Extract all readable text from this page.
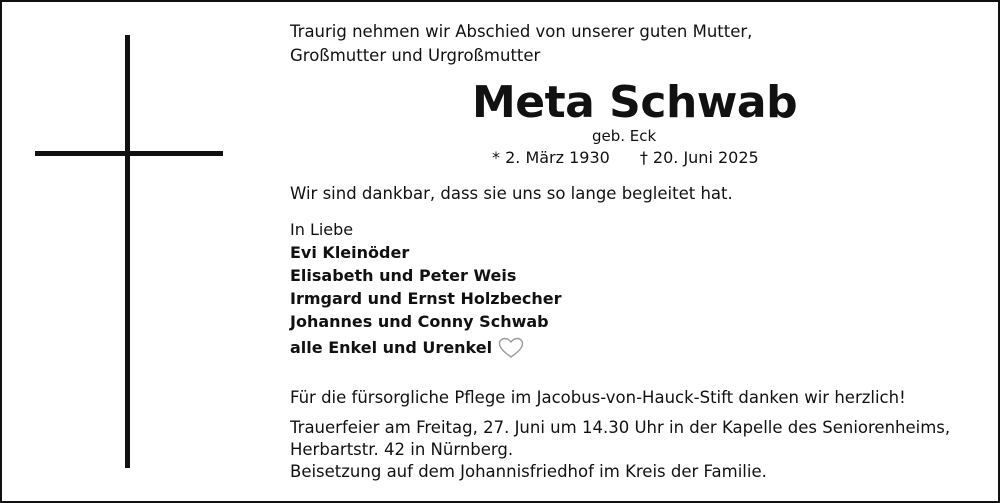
Traurig nehmen wir Abschied von unserer guten Mutter,
Großmutter und Urgroßmutter
Meta Schwab
geb. Eck
* 2. März 1930 † 20. Juni 2025
Wir sind dankbar, dass sie uns so lange begleitet hat.
In Liebe
Evi Kleinöder
Elisabeth und Peter Weis
Irmgard und Ernst Holzbecher
Johannes und Conny Schwab
alle Enkel und Urenkel
Für die fürsorgliche Pflege im Jacobus-von-Hauck-Stift danken wir herzlich!
Trauerfeier am Freitag, 27. Juni um 14.30 Uhr in der Kapelle des Seniorenheims,
Herbartstr. 42 in Nürnberg.
Beisetzung auf dem Johannisfriedhof im Kreis der Familie.
